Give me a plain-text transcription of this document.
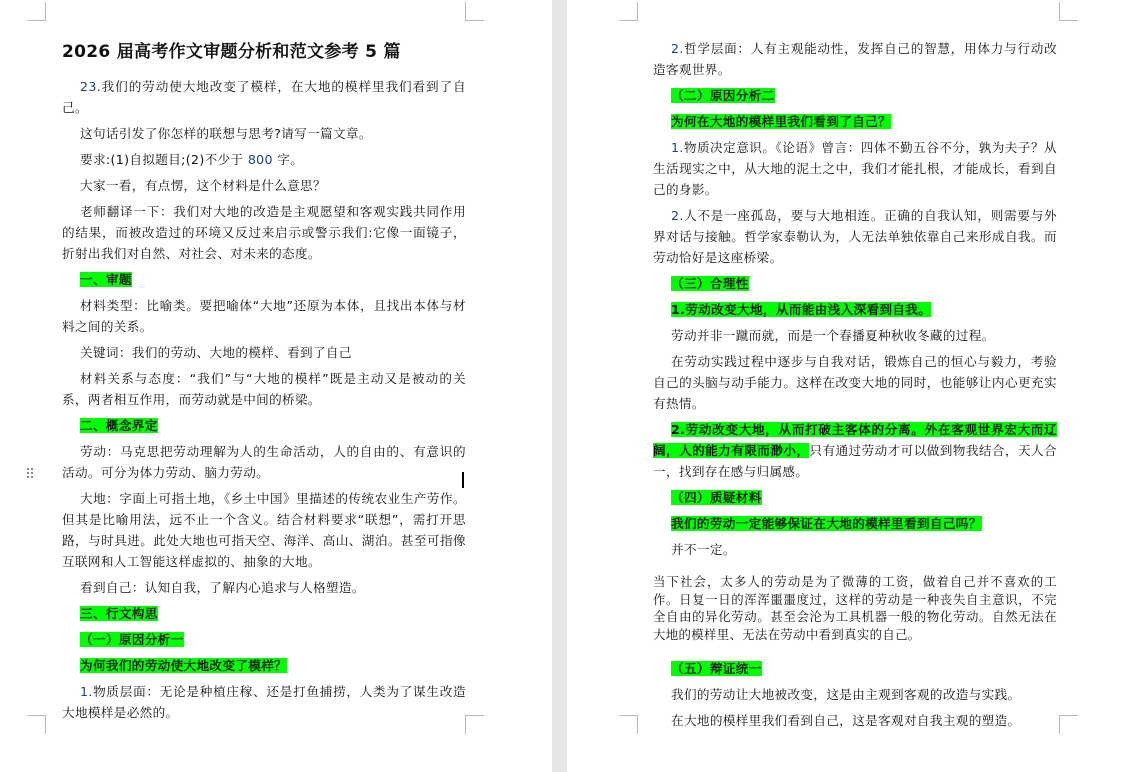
⠿
2026 届高考作文审题分析和范文参考 5 篇

23.我们的劳动使大地改变了模样，在大地的模样里我们看到了自己。

这句话引发了你怎样的联想与思考?请写一篇文章。

要求:(1)自拟题目;(2)不少于 800 字。

大家一看，有点愣，这个材料是什么意思？

老师翻译一下：我们对大地的改造是主观愿望和客观实践共同作用的结果，而被改造过的环境又反过来启示或警示我们:它像一面镜子，折射出我们对自然、对社会、对未来的态度。

一、审题

材料类型：比喻类。要把喻体“大地”还原为本体，且找出本体与材料之间的关系。

关键词：我们的劳动、大地的模样、看到了自己

材料关系与态度：“我们”与“大地的模样”既是主动又是被动的关系，两者相互作用，而劳动就是中间的桥梁。

二、概念界定

劳动：马克思把劳动理解为人的生命活动，人的自由的、有意识的活动。可分为体力劳动、脑力劳动。

大地：字面上可指土地，《乡土中国》里描述的传统农业生产劳作。但其是比喻用法，远不止一个含义。结合材料要求“联想”，需打开思路，与时具进。此处大地也可指天空、海洋、高山、湖泊。甚至可指像互联网和人工智能这样虚拟的、抽象的大地。

看到自己：认知自我，了解内心追求与人格塑造。

三、行文构思

（一）原因分析一

为何我们的劳动使大地改变了模样？

1.物质层面：无论是种植庄稼、还是打鱼捕捞，人类为了谋生改造大地模样是必然的。

2.哲学层面：人有主观能动性，发挥自己的智慧，用体力与行动改造客观世界。

（二）原因分析二

为何在大地的模样里我们看到了自己？

1.物质决定意识。《论语》曾言：四体不勤五谷不分，孰为夫子？从生活现实之中，从大地的泥土之中，我们才能扎根，才能成长，看到自己的身影。

2.人不是一座孤岛，要与大地相连。正确的自我认知，则需要与外界对话与接触。哲学家泰勒认为，人无法单独依靠自己来形成自我。而劳动恰好是这座桥梁。

（三）合理性

1.劳动改变大地，从而能由浅入深看到自我。

劳动并非一蹴而就，而是一个春播夏种秋收冬藏的过程。

在劳动实践过程中逐步与自我对话，锻炼自己的恒心与毅力，考验自己的头脑与动手能力。这样在改变大地的同时，也能够让内心更充实有热情。

2.劳动改变大地，从而打破主客体的分离。外在客观世界宏大而辽阔，人的能力有限而渺小，只有通过劳动才可以做到物我结合，天人合一，找到存在感与归属感。

（四）质疑材料

我们的劳动一定能够保证在大地的模样里看到自己吗？

并不一定。

当下社会，太多人的劳动是为了微薄的工资，做着自己并不喜欢的工作。日复一日的浑浑噩噩度过，这样的劳动是一种丧失自主意识，不完全自由的异化劳动。甚至会沦为工具机器一般的物化劳动。自然无法在大地的模样里、无法在劳动中看到真实的自己。

（五）辩证统一

我们的劳动让大地被改变，这是由主观到客观的改造与实践。

在大地的模样里我们看到自己，这是客观对自我主观的塑造。
